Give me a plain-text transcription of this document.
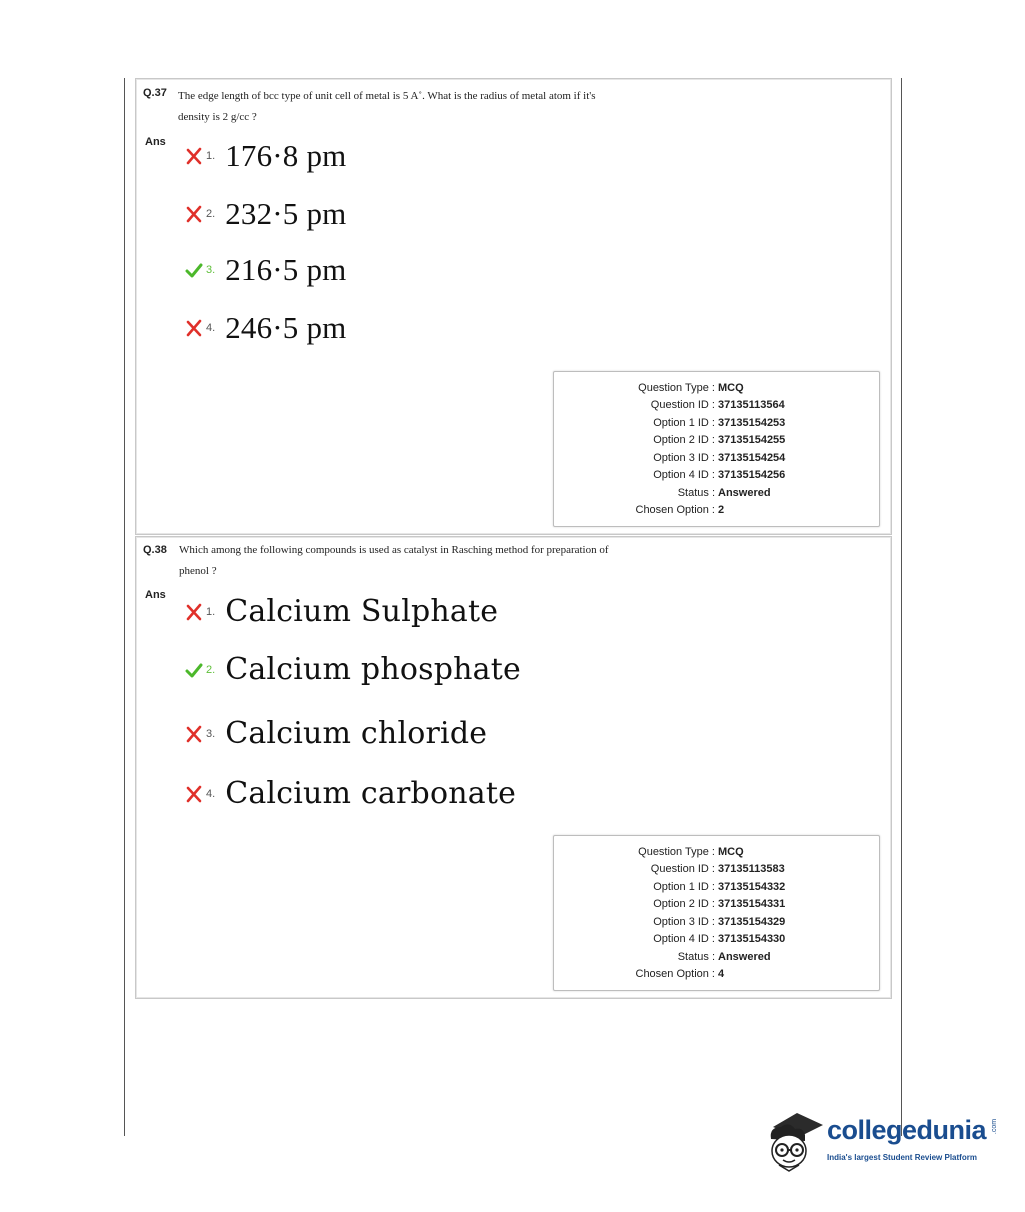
Q.37 The edge length of bcc type of unit cell of metal is 5 A˚. What is the radius of metal atom if it's
density is 2 g/cc ?
Ans
1. 176·8 pm
2. 232·5 pm
3. 216·5 pm
4. 246·5 pm
Question Type : MCQ
Question ID : 37135113564
Option 1 ID : 37135154253
Option 2 ID : 37135154255
Option 3 ID : 37135154254
Option 4 ID : 37135154256
Status : Answered
Chosen Option : 2
Q.38 Which among the following compounds is used as catalyst in Rasching method for preparation of
phenol ?
Ans
1. Calcium Sulphate
2. Calcium phosphate
3. Calcium chloride
4. Calcium carbonate
Question Type : MCQ
Question ID : 37135113583
Option 1 ID : 37135154332
Option 2 ID : 37135154331
Option 3 ID : 37135154329
Option 4 ID : 37135154330
Status : Answered
Chosen Option : 4
collegedunia .com
India's largest Student Review Platform
